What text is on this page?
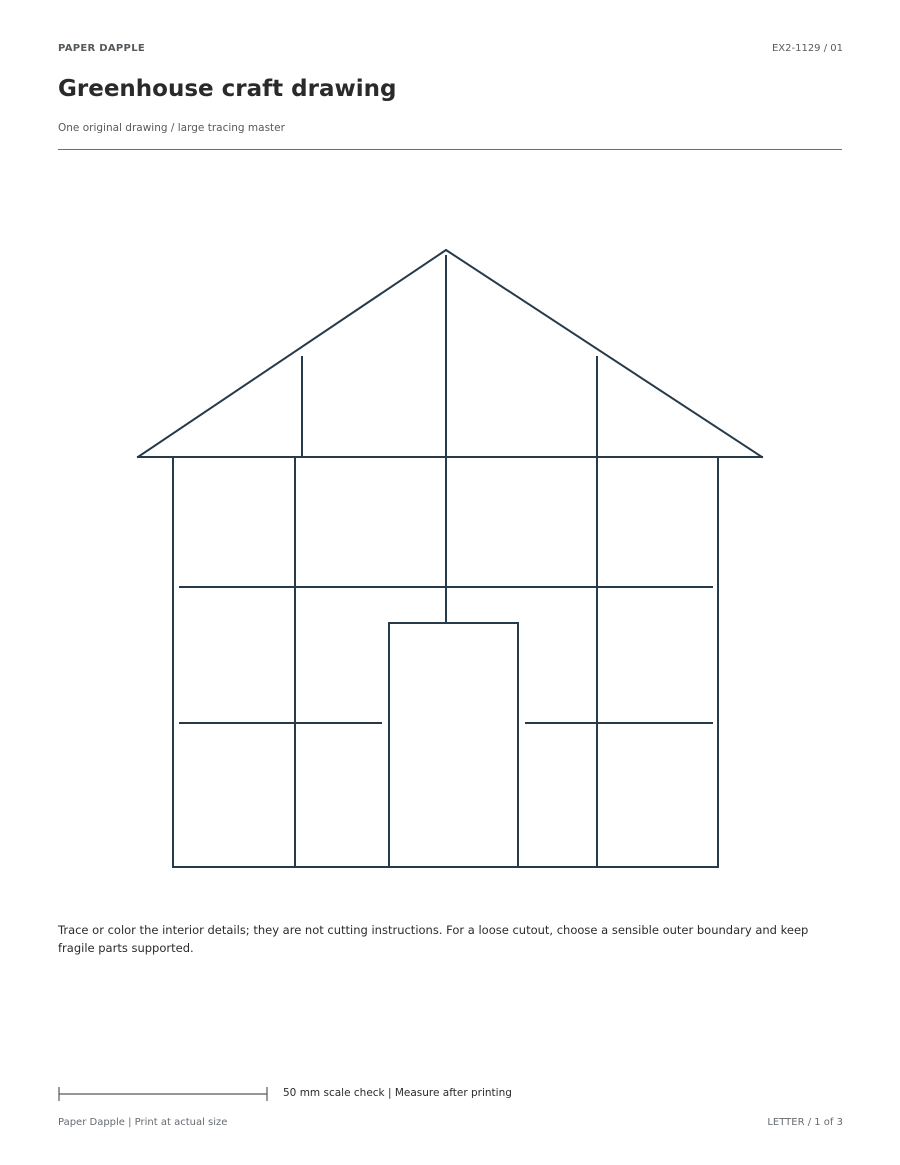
PAPER DAPPLE	EX2-1129 / 01
Greenhouse craft drawing
One original drawing / large tracing master
Trace or color the interior details; they are not cutting instructions. For a loose cutout, choose a sensible outer boundary and keep fragile parts supported.
50 mm scale check | Measure after printing
Paper Dapple | Print at actual size	LETTER / 1 of 3
